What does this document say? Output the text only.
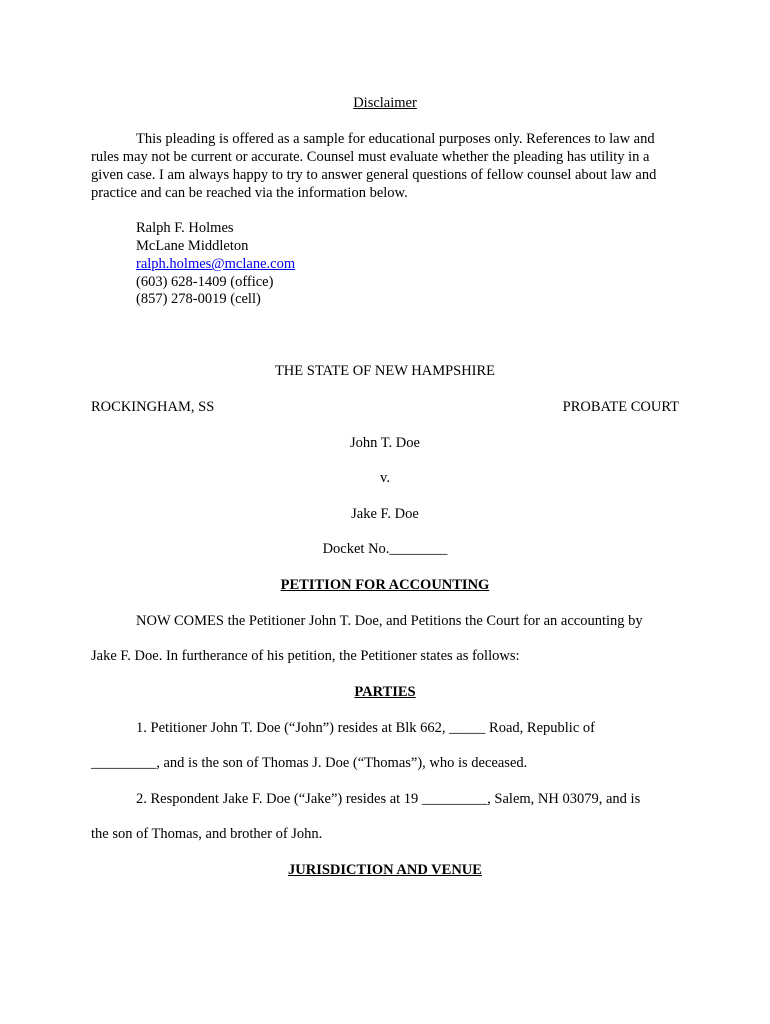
Disclaimer
This pleading is offered as a sample for educational purposes only. References to law and rules may not be current or accurate. Counsel must evaluate whether the pleading has utility in a given case. I am always happy to try to answer general questions of fellow counsel about law and practice and can be reached via the information below.
Ralph F. Holmes
McLane Middleton
ralph.holmes@mclane.com
(603) 628-1409 (office)
(857) 278-0019 (cell)
THE STATE OF NEW HAMPSHIRE
ROCKINGHAM, SS	PROBATE COURT
John T. Doe
v.
Jake F. Doe
Docket No.________
PETITION FOR ACCOUNTING
NOW COMES the Petitioner John T. Doe, and Petitions the Court for an accounting by
Jake F. Doe. In furtherance of his petition, the Petitioner states as follows:
PARTIES
1. Petitioner John T. Doe (“John”) resides at Blk 662, _____ Road, Republic of
_________, and is the son of Thomas J. Doe (“Thomas”), who is deceased.
2. Respondent Jake F. Doe (“Jake”) resides at 19 _________, Salem, NH 03079, and is
the son of Thomas, and brother of John.
JURISDICTION AND VENUE
